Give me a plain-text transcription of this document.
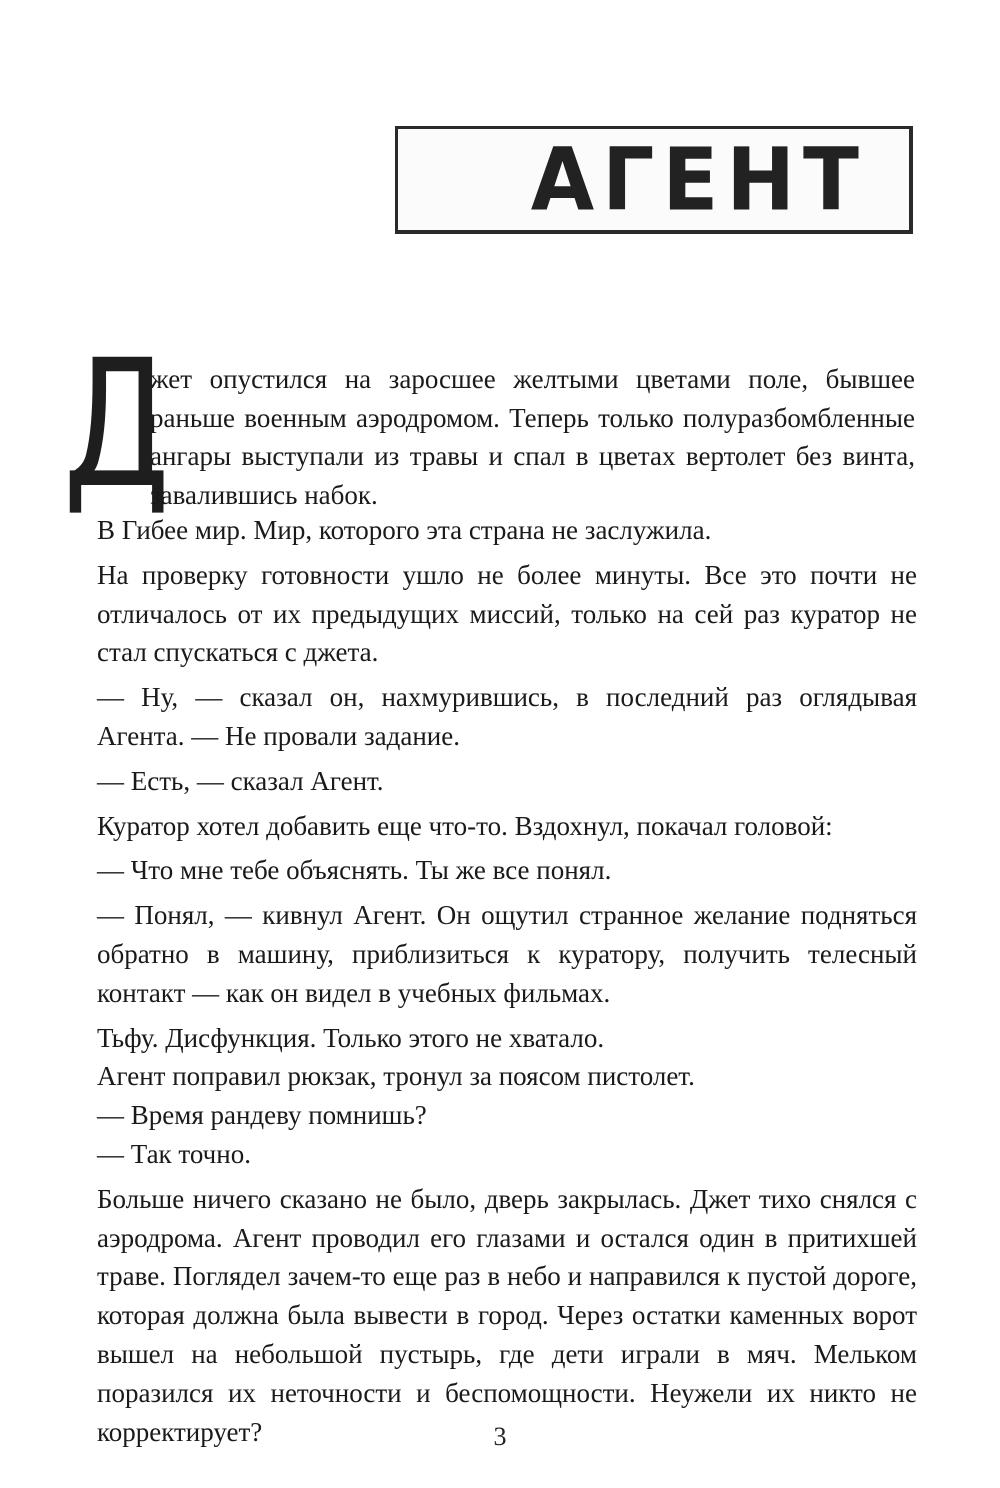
АГЕНТ
Д

жет опустился на заросшее желтыми цветами поле, бывшее раньше военным аэродромом. Теперь только полуразбомбленные ангары выступали из травы и спал в цветах вертолет без винта, завалившись набок.

В Гибее мир. Мир, которого эта страна не заслужила.

На проверку готовности ушло не более минуты. Все это почти не отличалось от их предыдущих миссий, только на сей раз куратор не стал спускаться с джета.

— Ну, — сказал он, нахмурившись, в последний раз оглядывая Агента. — Не провали задание.

— Есть, — сказал Агент.

Куратор хотел добавить еще что-то. Вздохнул, покачал головой:

— Что мне тебе объяснять. Ты же все понял.

— Понял, — кивнул Агент. Он ощутил странное желание подняться обратно в машину, приблизиться к куратору, получить телесный контакт — как он видел в учебных фильмах.

Тьфу. Дисфункция. Только этого не хватало.

Агент поправил рюкзак, тронул за поясом пистолет.

— Время рандеву помнишь?

— Так точно.

Больше ничего сказано не было, дверь закрылась. Джет тихо снялся с аэродрома. Агент проводил его глазами и остался один в притихшей траве. Поглядел зачем-то еще раз в небо и направился к пустой дороге, которая должна была вывести в город. Через остатки каменных ворот вышел на небольшой пустырь, где дети играли в мяч. Мельком поразился их неточности и беспомощности. Неужели их никто не корректирует?	3
